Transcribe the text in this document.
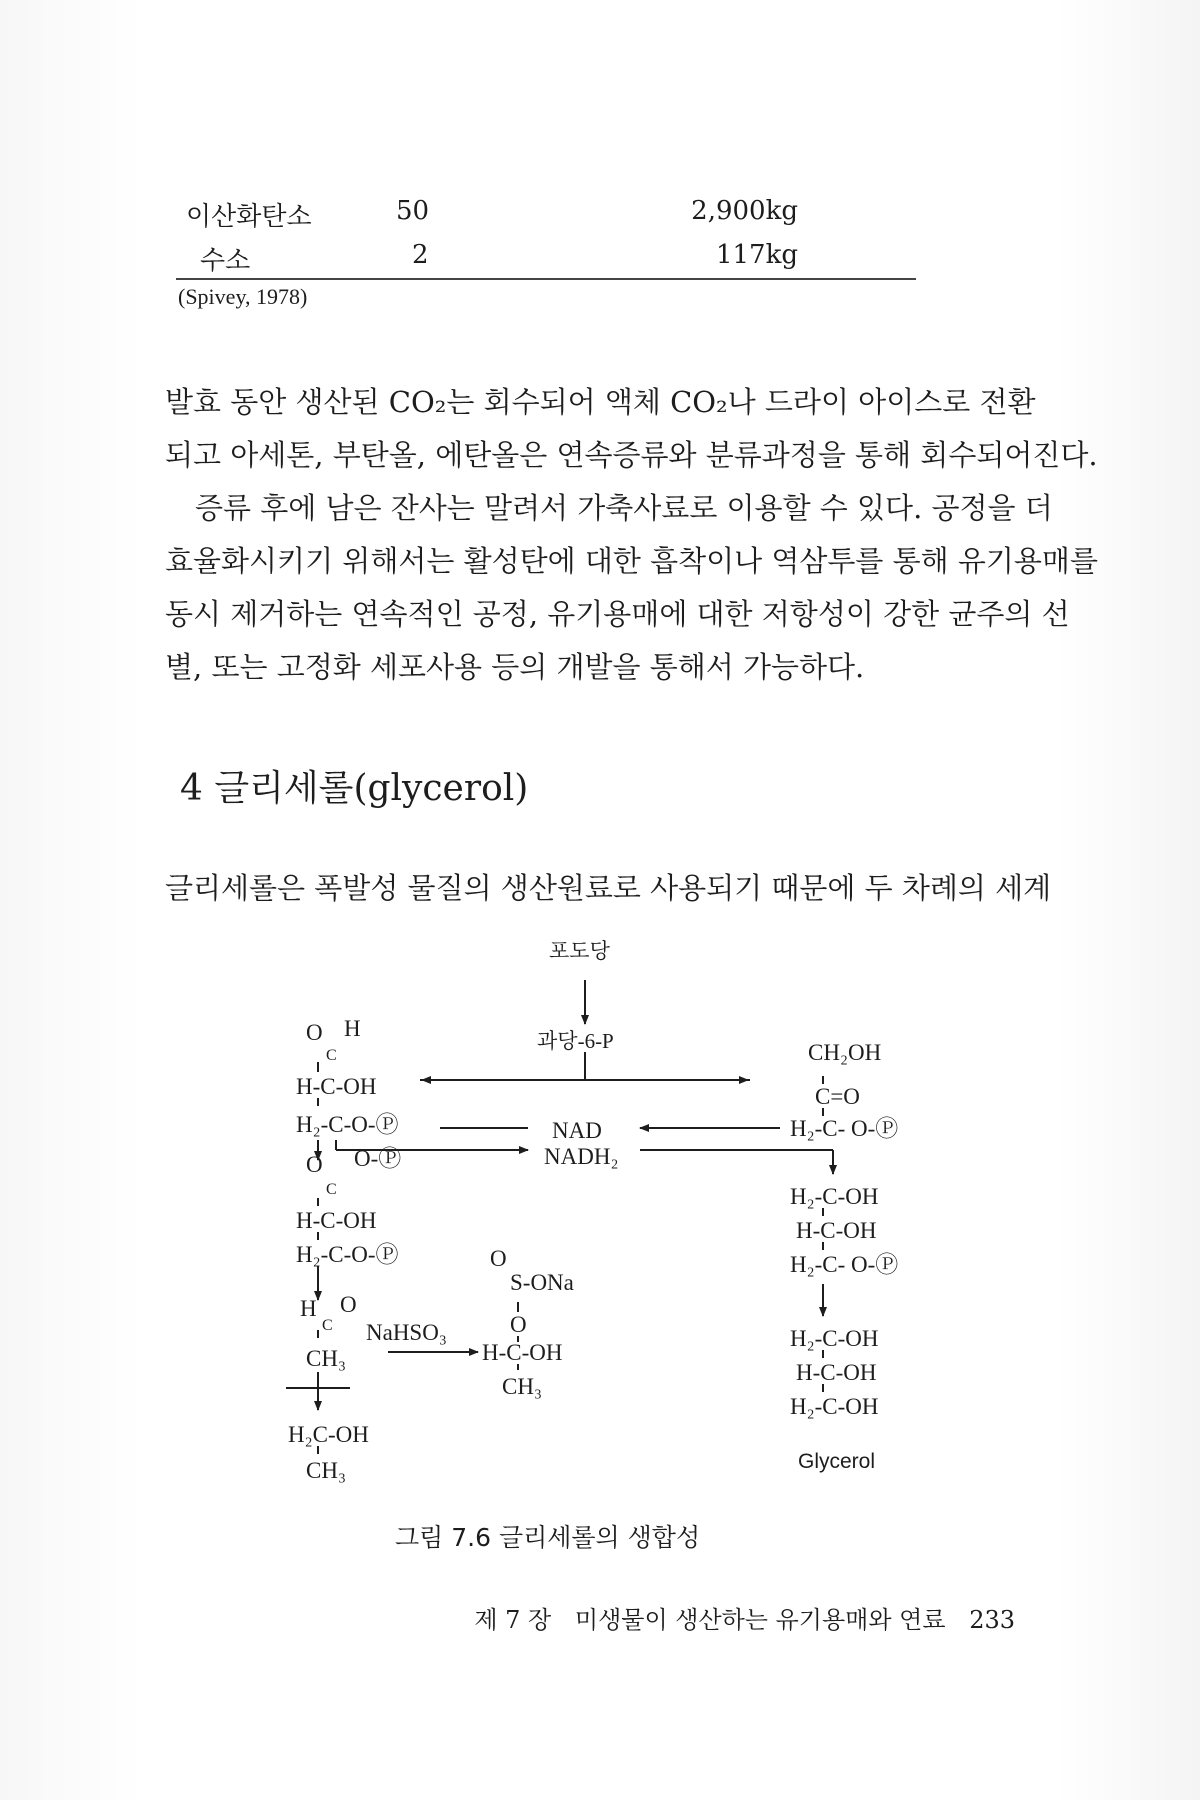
이산화탄소	50	2,900kg
수소	2	117kg
(Spivey, 1978)
발효 동안 생산된 CO₂는 회수되어 액체 CO₂나 드라이 아이스로 전환
되고 아세톤, 부탄올, 에탄올은 연속증류와 분류과정을 통해 회수되어진다.
증류 후에 남은 잔사는 말려서 가축사료로 이용할 수 있다. 공정을 더
효율화시키기 위해서는 활성탄에 대한 흡착이나 역삼투를 통해 유기용매를
동시 제거하는 연속적인 공정, 유기용매에 대한 저항성이 강한 균주의 선
별, 또는 고정화 세포사용 등의 개발을 통해서 가능하다.
4 글리세롤(glycerol)
글리세롤은 폭발성 물질의 생산원료로 사용되기 때문에 두 차례의 세계
포도당
과당-6-P
O H
C
H-C-OH
H₂-C-O-Ⓟ
O O-Ⓟ
C
H-C-OH
H₂-C-O-Ⓟ
H O
C
CH₃
H₂C-OH
CH₃
NaHSO₃
O
S-ONa
O
H-C-OH
CH₃
NAD
NADH₂
CH₂OH
C=O
H₂-C- O-Ⓟ
H₂-C-OH
H-C-OH
H₂-C- O-Ⓟ
H₂-C-OH
H-C-OH
H₂-C-OH
Glycerol
그림 7.6 글리세롤의 생합성
제 7 장 미생물이 생산하는 유기용매와 연료 233
